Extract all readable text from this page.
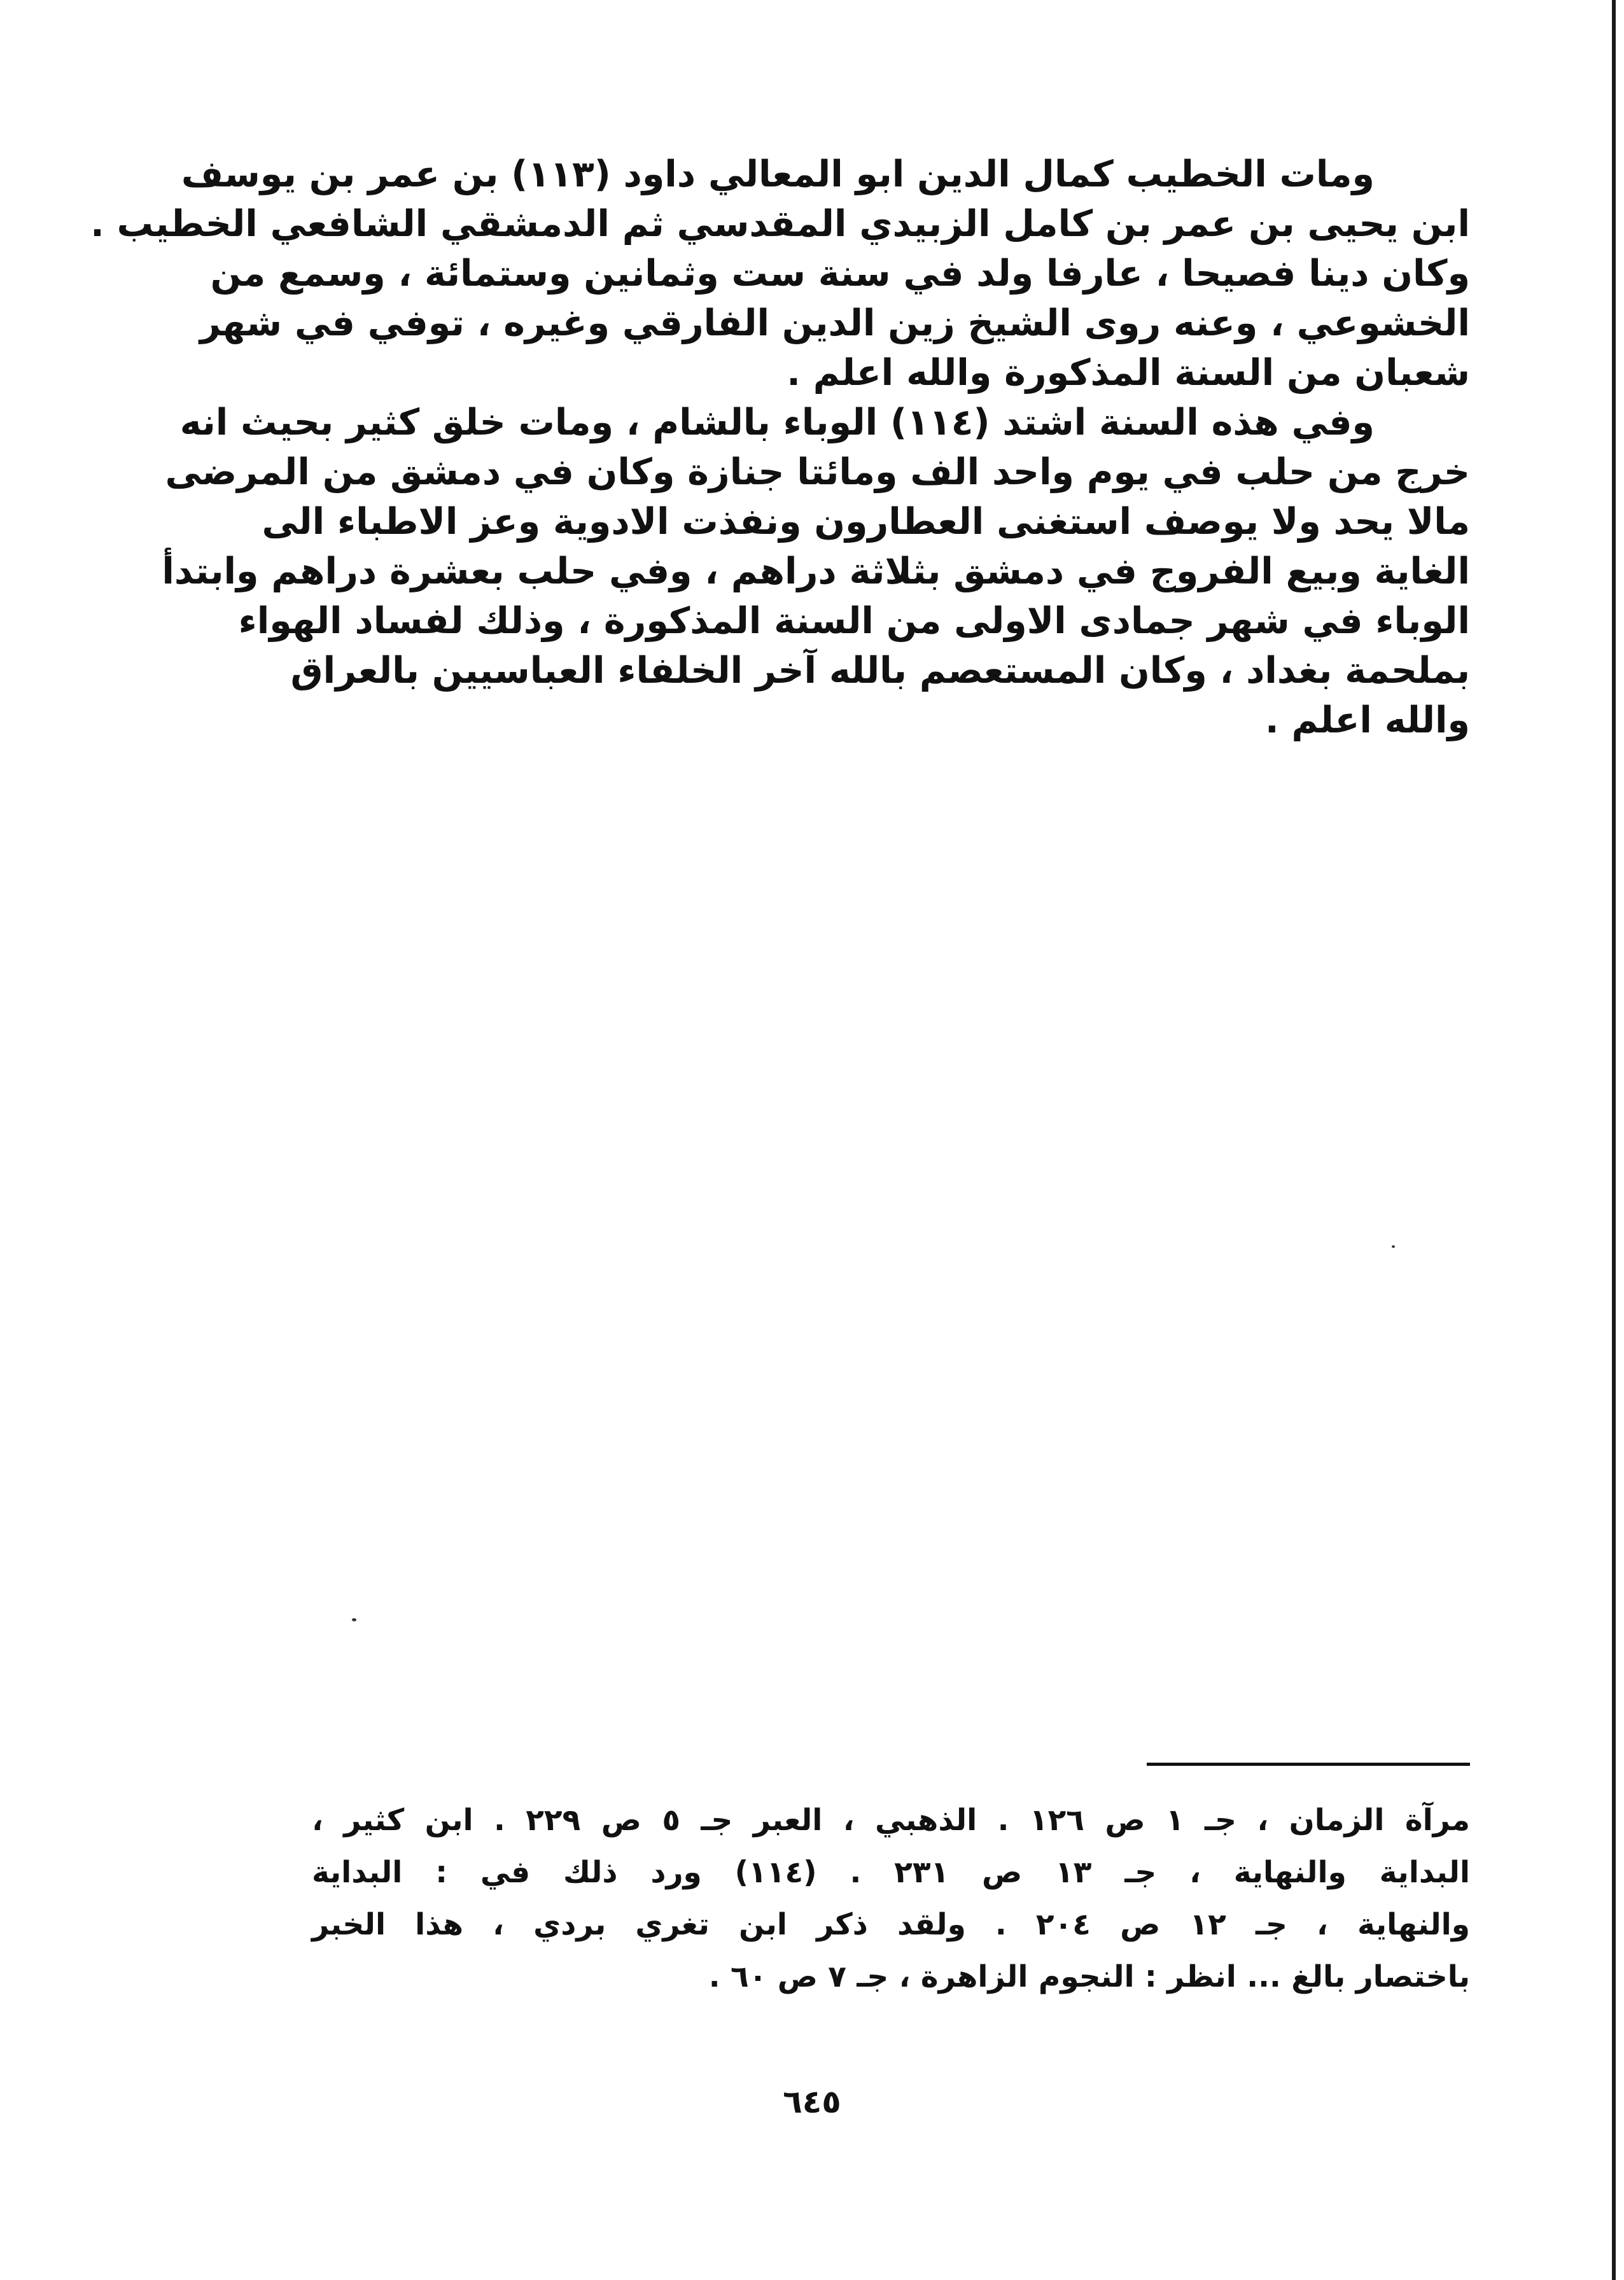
ومات الخطيب كمال الدين ابو المعالي داود (١١٣) بن عمر بن يوسف
ابن يحيى بن عمر بن كامل الزبيدي المقدسي ثم الدمشقي الشافعي الخطيب .
وكان دينا فصيحا ، عارفا ولد في سنة ست وثمانين وستمائة ، وسمع من
الخشوعي ، وعنه روى الشيخ زين الدين الفارقي وغيره ، توفي في شهر
شعبان من السنة المذكورة والله اعلم .
وفي هذه السنة اشتد (١١٤) الوباء بالشام ، ومات خلق كثير بحيث انه
خرج من حلب في يوم واحد الف ومائتا جنازة وكان في دمشق من المرضى
مالا يحد ولا يوصف استغنى العطارون ونفذت الادوية وعز الاطباء الى
الغاية وبيع الفروج في دمشق بثلاثة دراهم ، وفي حلب بعشرة دراهم وابتدأ
الوباء في شهر جمادى الاولى من السنة المذكورة ، وذلك لفساد الهواء
بملحمة بغداد ، وكان المستعصم بالله آخر الخلفاء العباسيين بالعراق
والله اعلم .
مرآة الزمان ، جـ ١ ص ١٢٦ . الذهبي ، العبر جـ ٥ ص ٢٢٩ . ابن كثير ،
البداية والنهاية ، جـ ١٣ ص ٢٣١ . (١١٤) ورد ذلك في : البداية
والنهاية ، جـ ١٢ ص ٢٠٤ . ولقد ذكر ابن تغري بردي ، هذا الخبر
باختصار بالغ ... انظر : النجوم الزاهرة ، جـ ٧ ص ٦٠ .
٦٤٥
